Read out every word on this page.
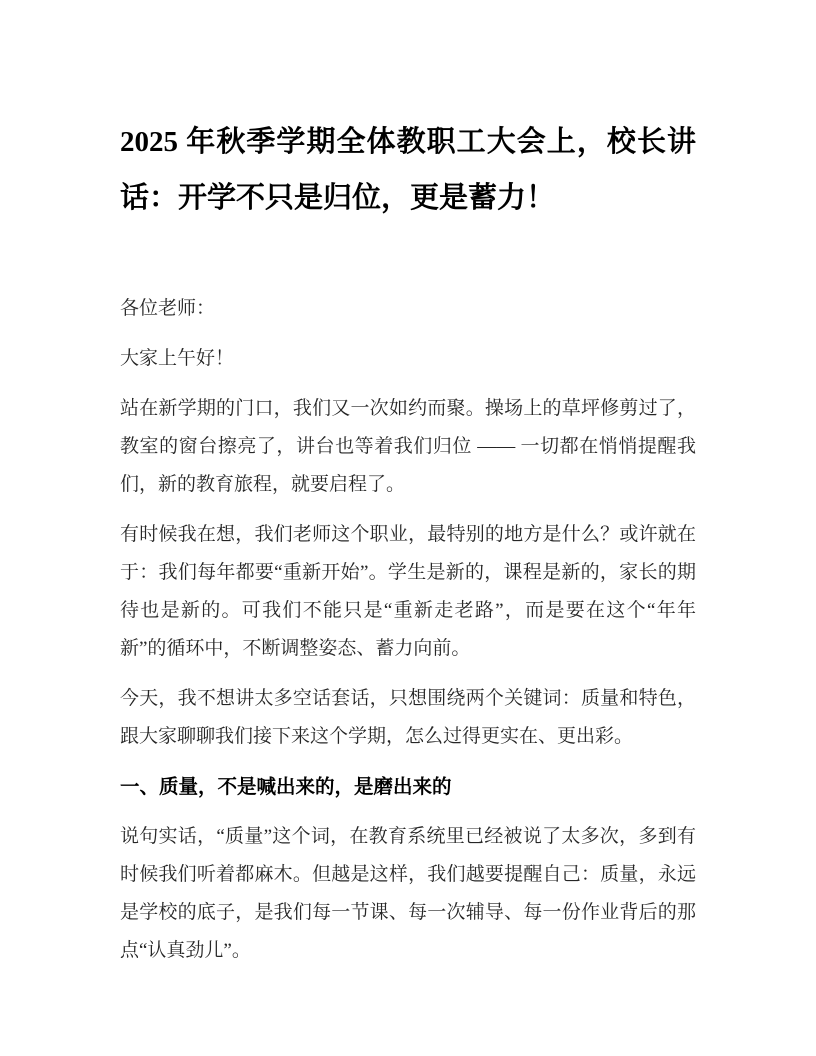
2025 年秋季学期全体教职工大会上，校长讲话：开学不只是归位，更是蓄力！

各位老师：

大家上午好！

站在新学期的门口，我们又一次如约而聚。操场上的草坪修剪过了，教室的窗台擦亮了，讲台也等着我们归位 —— 一切都在悄悄提醒我们，新的教育旅程，就要启程了。

有时候我在想，我们老师这个职业，最特别的地方是什么？或许就在于：我们每年都要“重新开始”。学生是新的，课程是新的，家长的期待也是新的。可我们不能只是“重新走老路”，而是要在这个“年年新”的循环中，不断调整姿态、蓄力向前。

今天，我不想讲太多空话套话，只想围绕两个关键词：质量和特色，跟大家聊聊我们接下来这个学期，怎么过得更实在、更出彩。

一、质量，不是喊出来的，是磨出来的

说句实话，“质量”这个词，在教育系统里已经被说了太多次，多到有时候我们听着都麻木。但越是这样，我们越要提醒自己：质量，永远是学校的底子，是我们每一节课、每一次辅导、每一份作业背后的那点“认真劲儿”。
